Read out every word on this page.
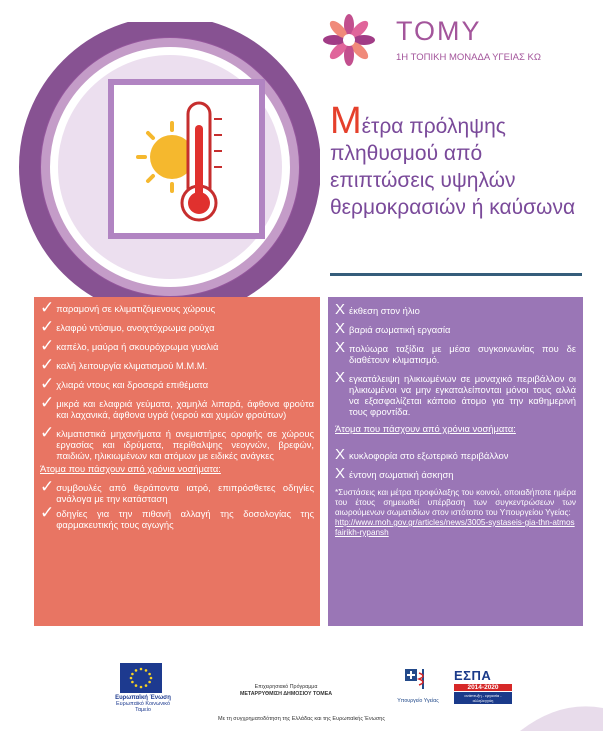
TOMY
1Η ΤΟΠΙΚΗ ΜΟΝΑΔΑ ΥΓΕΙΑΣ ΚΩ
Μέτρα πρόληψης πληθυσμού από επιπτώσεις υψηλών θερμοκρασιών ή καύσωνα
✓ παραμονή σε κλιματιζόμενους χώρους
✓ ελαφρύ ντύσιμο, ανοιχτόχρωμα ρούχα
✓ καπέλο, μαύρα ή σκουρόχρωμα γυαλιά
✓ καλή λειτουργία κλιματισμού Μ.Μ.Μ.
✓ χλιαρά ντους και δροσερά επιθέματα
✓ μικρά και ελαφριά γεύματα, χαμηλά λιπαρά, άφθονα φρούτα και λαχανικά, άφθονα υγρά (νερού και χυμών φρούτων)
✓ κλιματιστικά μηχανήματα ή ανεμιστήρες οροφής σε χώρους εργασίας και ιδρύματα, περίθαλψης νεογνών, βρεφών, παιδιών, ηλικιωμένων και ατόμων με ειδικές ανάγκες
Άτομα που πάσχουν από χρόνια νοσήματα:
✓ συμβουλές από θεράποντα ιατρό, επιπρόσθετες οδηγίες ανάλογα με την κατάσταση
✓ οδηγίες για την πιθανή αλλαγή της δοσολογίας της φαρμακευτικής τους αγωγής
X έκθεση στον ήλιο
X βαριά σωματική εργασία
X πολύωρα ταξίδια με μέσα συγκοινωνίας που δε διαθέτουν κλιματισμό.
X εγκατάλειψη ηλικιωμένων σε μοναχικό περιβάλλον οι ηλικιωμένοι να μην εγκαταλείπονται μόνοι τους αλλά να εξασφαλίζεται κάποιο άτομο για την καθημερινή τους φροντίδα.
Άτομα που πάσχουν από χρόνια νοσήματα:
X κυκλοφορία στο εξωτερικό περιβάλλον
X έντονη σωματική άσκηση
*Συστάσεις και μέτρα προφύλαξης του κοινού, οποιαδήποτε ημέρα του έτους σημειωθεί υπέρβαση των συγκεντρώσεων των αιωρούμενων σωματιδίων στον ιστότοπο του Υπουργείου Υγείας:
http://www.moh.gov.gr/articles/news/3005-systaseis-gia-thn-atmosfairikh-rypansh
Ευρωπαϊκή Ένωση
Ευρωπαϊκό Κοινωνικό Ταμείο
Επιχειρησιακό Πρόγραμμα
ΜΕΤΑΡΡΥΘΜΙΣΗ ΔΗΜΟΣΙΟΥ ΤΟΜΕΑ
Υπουργείο Υγείας
ΕΣΠΑ
2014-2020
ανάπτυξη - εργασία - αλληλεγγύη
Με τη συγχρηματοδότηση της Ελλάδας και της Ευρωπαϊκής Ένωσης
